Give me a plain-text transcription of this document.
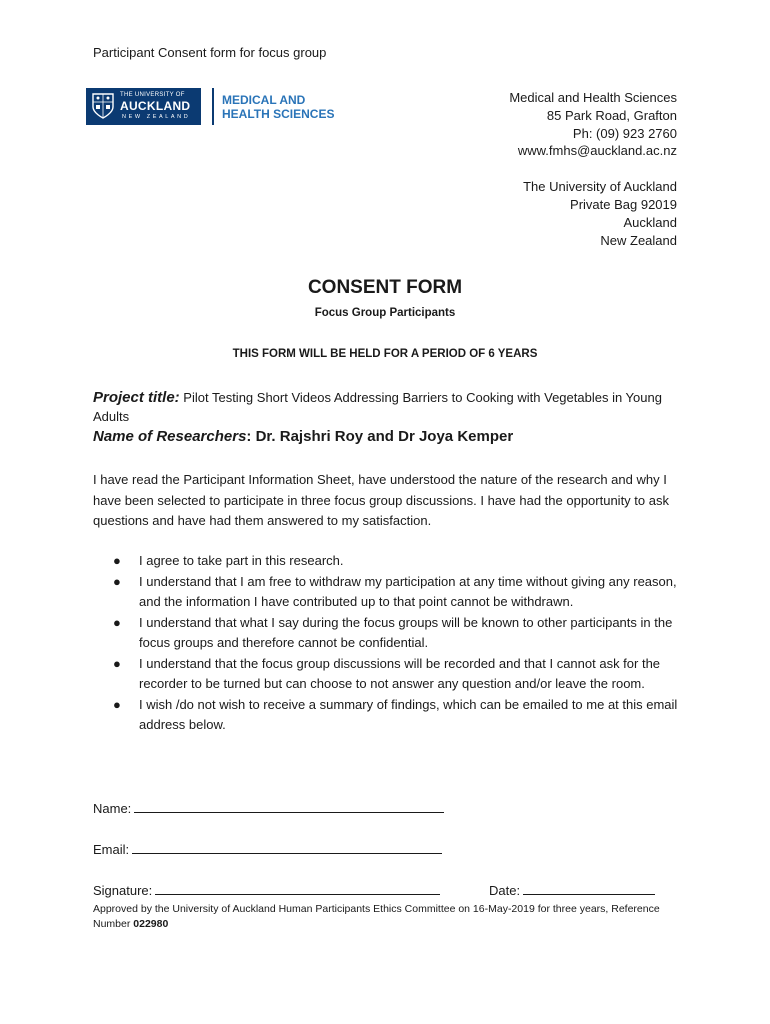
Participant Consent form for focus group
THE UNIVERSITY OF
AUCKLAND
NEW ZEALAND
MEDICAL AND
HEALTH SCIENCES
Medical and Health Sciences
85 Park Road, Grafton
Ph: (09) 923 2760
www.fmhs@auckland.ac.nz
The University of Auckland
Private Bag 92019
Auckland
New Zealand
CONSENT FORM
Focus Group Participants
THIS FORM WILL BE HELD FOR A PERIOD OF 6 YEARS
Project title: Pilot Testing Short Videos Addressing Barriers to Cooking with Vegetables in Young Adults
Name of Researchers: Dr. Rajshri Roy and Dr Joya Kemper
I have read the Participant Information Sheet, have understood the nature of the research and why I have been selected to participate in three focus group discussions. I have had the opportunity to ask questions and have had them answered to my satisfaction.
● I agree to take part in this research.
● I understand that I am free to withdraw my participation at any time without giving any reason, and the information I have contributed up to that point cannot be withdrawn.
● I understand that what I say during the focus groups will be known to other participants in the focus groups and therefore cannot be confidential.
● I understand that the focus group discussions will be recorded and that I cannot ask for the recorder to be turned but can choose to not answer any question and/or leave the room.
● I wish /do not wish to receive a summary of findings, which can be emailed to me at this email address below.
Name:
Email:
Signature:	Date:
Approved by the University of Auckland Human Participants Ethics Committee on 16-May-2019 for three years, Reference Number 022980
